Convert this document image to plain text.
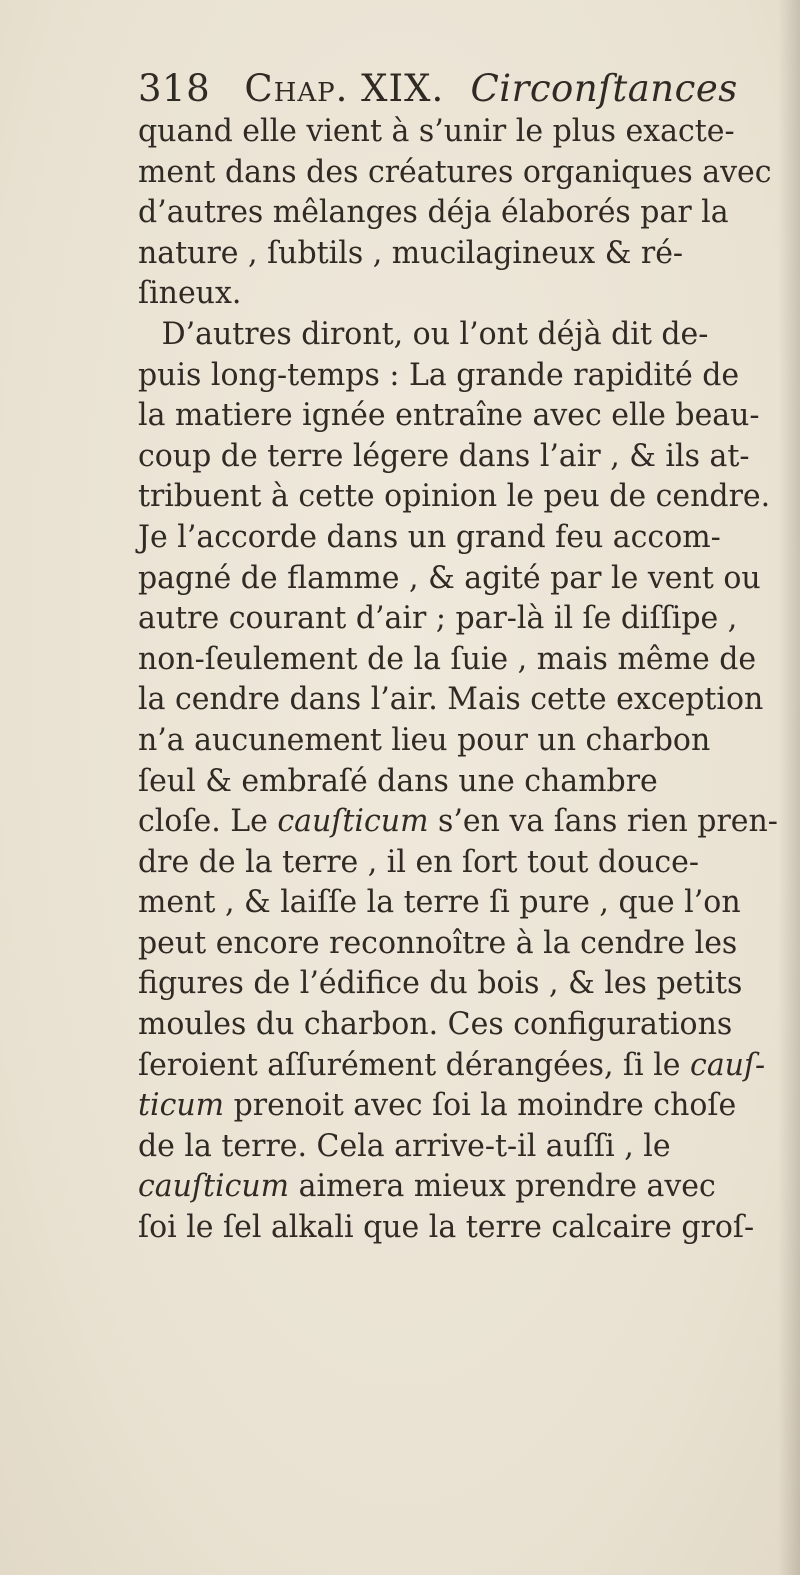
318 Chap. XIX. Circonſtances
quand elle vient à s’unir le plus exacte-
ment dans des créatures organiques avec
d’autres mêlanges déja élaborés par la
nature , ſubtils , mucilagineux & ré-
ſineux.
D’autres diront, ou l’ont déjà dit de-
puis long-temps : La grande rapidité de
la matiere ignée entraîne avec elle beau-
coup de terre légere dans l’air , & ils at-
tribuent à cette opinion le peu de cendre.
Je l’accorde dans un grand feu accom-
pagné de flamme , & agité par le vent ou
autre courant d’air ; par-là il ſe diſſipe ,
non-ſeulement de la ſuie , mais même de
la cendre dans l’air. Mais cette exception
n’a aucunement lieu pour un charbon
ſeul & embraſé dans une chambre
cloſe. Le cauſticum s’en va ſans rien pren-
dre de la terre , il en ſort tout douce-
ment , & laiſſe la terre ſi pure , que l’on
peut encore reconnoître à la cendre les
figures de l’édifice du bois , & les petits
moules du charbon. Ces configurations
ſeroient aſſurément dérangées, ſi le cauſ-
ticum prenoit avec ſoi la moindre choſe
de la terre. Cela arrive-t-il auſſi , le
cauſticum aimera mieux prendre avec
ſoi le ſel alkali que la terre calcaire groſ-
